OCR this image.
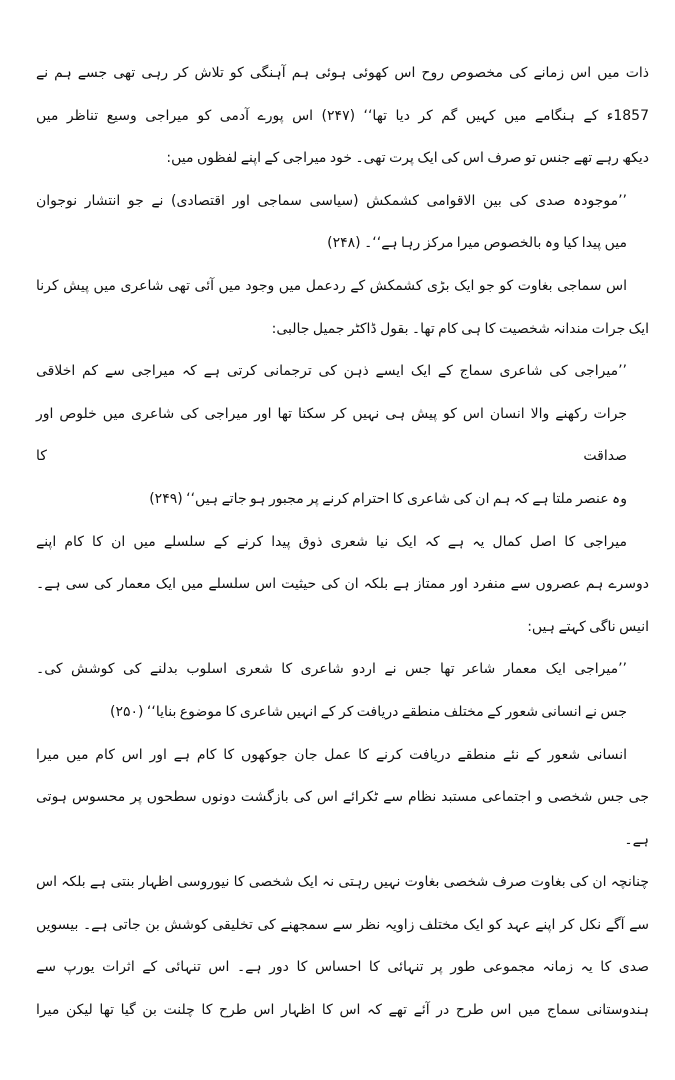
ذات میں اس زمانے کی مخصوص روح اس کھوئی ہوئی ہم آہنگی کو تلاش کر رہی تھی جسے ہم نے
1857ء کے ہنگامے میں کہیں گم کر دیا تھا‘‘ (۲۴۷) اس پورے آدمی کو میراجی وسیع تناظر میں
دیکھ رہے تھے جنس تو صرف اس کی ایک پرت تھی۔ خود میراجی کے اپنے لفظوں میں:
’’موجودہ صدی کی بین الاقوامی کشمکش (سیاسی سماجی اور اقتصادی) نے جو انتشار نوجوان
میں پیدا کیا وہ بالخصوص میرا مرکز رہا ہے‘‘۔ (۲۴۸)
اس سماجی بغاوت کو جو ایک بڑی کشمکش کے ردعمل میں وجود میں آئی تھی شاعری میں پیش کرنا
ایک جرات مندانہ شخصیت کا ہی کام تھا۔ بقول ڈاکٹر جمیل جالبی:
’’میراجی کی شاعری سماج کے ایک ایسے ذہن کی ترجمانی کرتی ہے کہ میراجی سے کم اخلاقی
جرات رکھنے والا انسان اس کو پیش ہی نہیں کر سکتا تھا اور میراجی کی شاعری میں خلوص اور صداقت کا
وہ عنصر ملتا ہے کہ ہم ان کی شاعری کا احترام کرنے پر مجبور ہو جاتے ہیں‘‘ (۲۴۹)
میراجی کا اصل کمال یہ ہے کہ ایک نیا شعری ذوق پیدا کرنے کے سلسلے میں ان کا کام اپنے
دوسرے ہم عصروں سے منفرد اور ممتاز ہے بلکہ ان کی حیثیت اس سلسلے میں ایک معمار کی سی ہے۔
انیس ناگی کہتے ہیں:
’’میراجی ایک معمار شاعر تھا جس نے اردو شاعری کا شعری اسلوب بدلنے کی کوشش کی۔
جس نے انسانی شعور کے مختلف منطقے دریافت کر کے انہیں شاعری کا موضوع بنایا‘‘ (۲۵۰)
انسانی شعور کے نئے منطقے دریافت کرنے کا عمل جان جوکھوں کا کام ہے اور اس کام میں میرا
جی جس شخصی و اجتماعی مستبد نظام سے ٹکرائے اس کی بازگشت دونوں سطحوں پر محسوس ہوتی ہے۔
چنانچہ ان کی بغاوت صرف شخصی بغاوت نہیں رہتی نہ ایک شخصی کا نیوروسی اظہار بنتی ہے بلکہ اس
سے آگے نکل کر اپنے عہد کو ایک مختلف زاویہ نظر سے سمجھنے کی تخلیقی کوشش بن جاتی ہے۔ بیسویں
صدی کا یہ زمانہ مجموعی طور پر تنہائی کا احساس کا دور ہے۔ اس تنہائی کے اثرات یورپ سے
ہندوستانی سماج میں اس طرح در آئے تھے کہ اس کا اظہار اس طرح کا چلنت بن گیا تھا لیکن میرا
